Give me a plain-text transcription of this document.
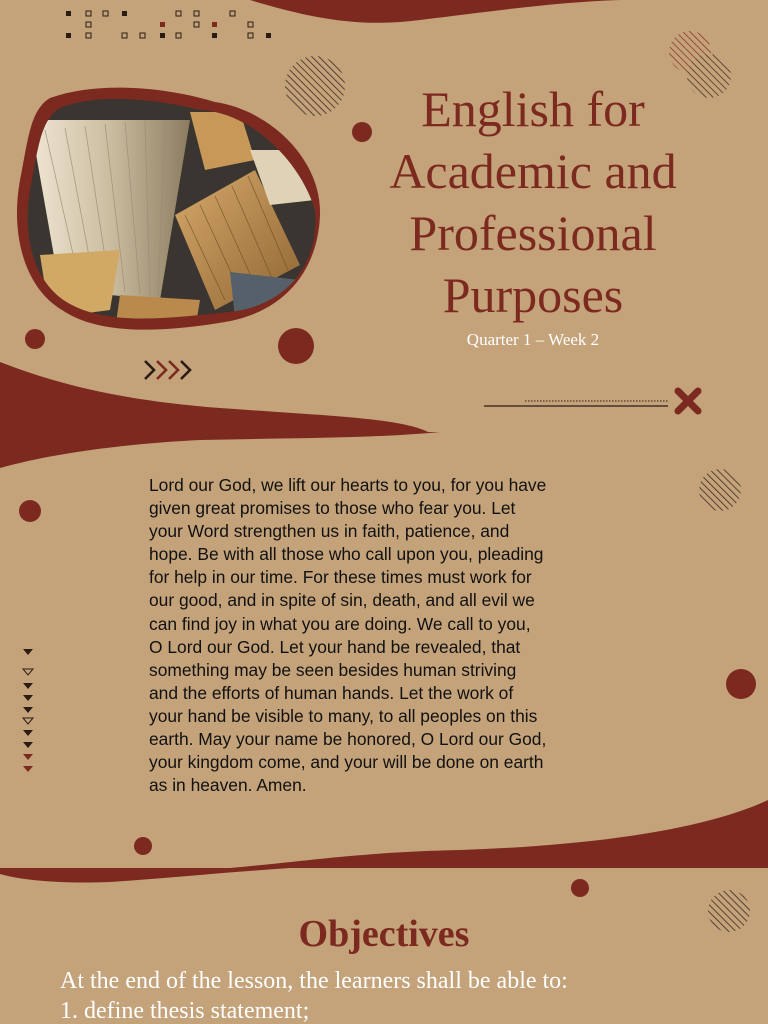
English for
Academic and
Professional
Purposes
Quarter 1 – Week 2
Lord our God, we lift our hearts to you, for you have
given great promises to those who fear you. Let
your Word strengthen us in faith, patience, and
hope. Be with all those who call upon you, pleading
for help in our time. For these times must work for
our good, and in spite of sin, death, and all evil we
can find joy in what you are doing. We call to you,
O Lord our God. Let your hand be revealed, that
something may be seen besides human striving
and the efforts of human hands. Let the work of
your hand be visible to many, to all peoples on this
earth. May your name be honored, O Lord our God,
your kingdom come, and your will be done on earth
as in heaven. Amen.
Objectives
At the end of the lesson, the learners shall be able to:
1. define thesis statement;
